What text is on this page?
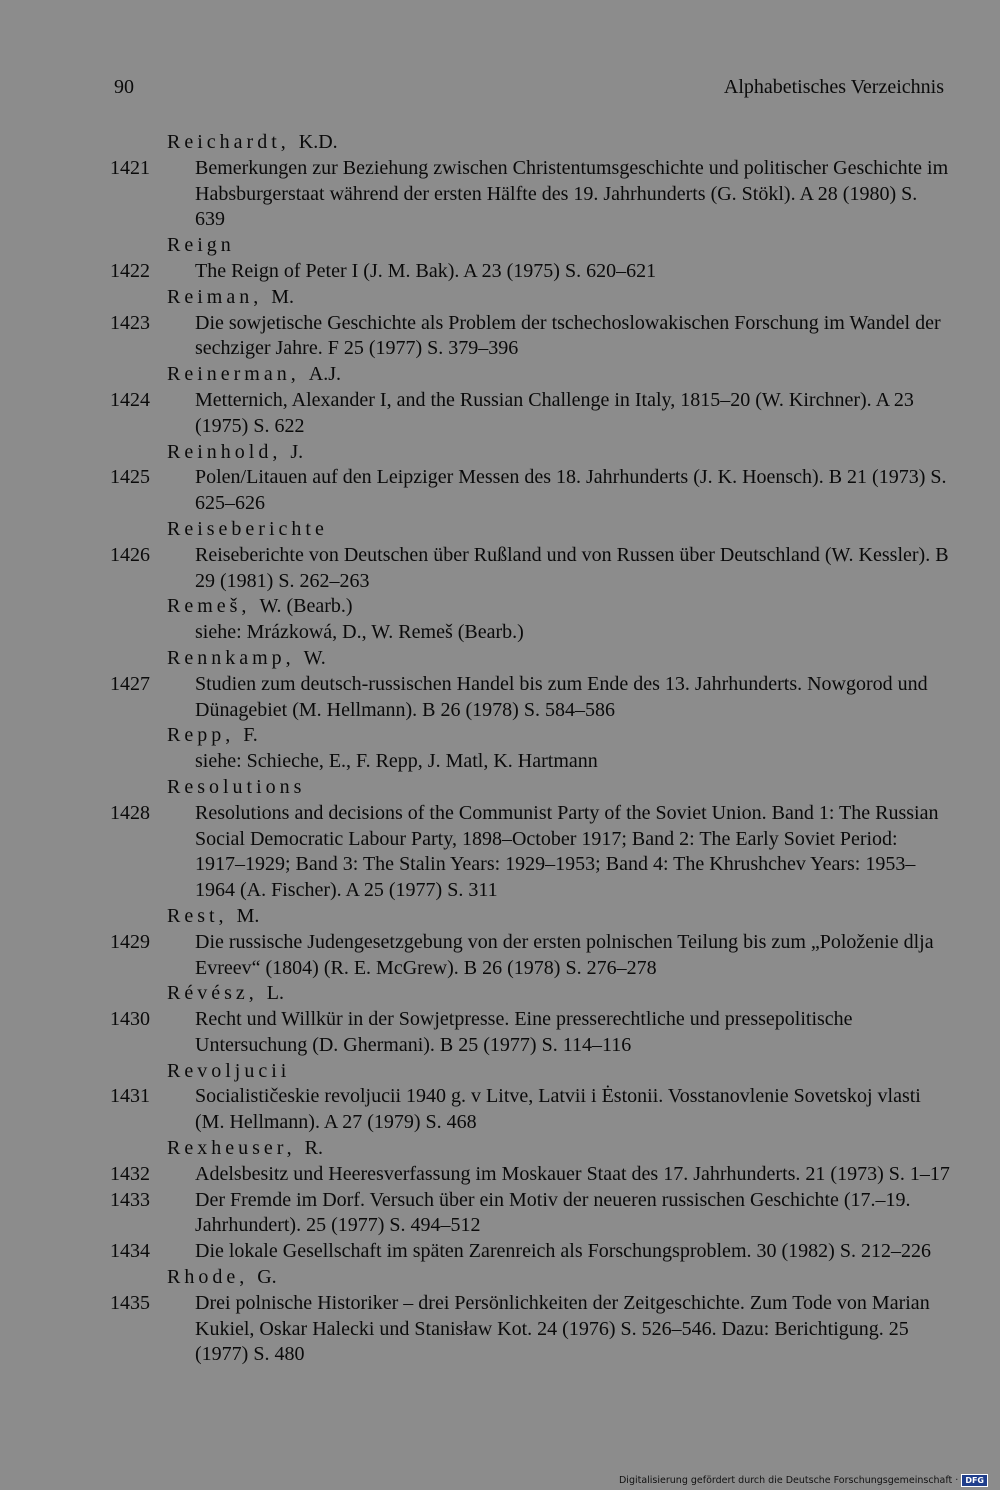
90	Alphabetisches Verzeichnis
Reichardt, K.D.
1421 Bemerkungen zur Beziehung zwischen Christentumsgeschichte und politischer Geschichte im Habsburgerstaat während der ersten Hälfte des 19. Jahrhunderts (G. Stökl). A 28 (1980) S. 639
Reign
1422 The Reign of Peter I (J. M. Bak). A 23 (1975) S. 620–621
Reiman, M.
1423 Die sowjetische Geschichte als Problem der tschechoslowakischen Forschung im Wandel der sechziger Jahre. F 25 (1977) S. 379–396
Reinerman, A.J.
1424 Metternich, Alexander I, and the Russian Challenge in Italy, 1815–20 (W. Kirchner). A 23 (1975) S. 622
Reinhold, J.
1425 Polen/Litauen auf den Leipziger Messen des 18. Jahrhunderts (J. K. Hoensch). B 21 (1973) S. 625–626
Reiseberichte
1426 Reiseberichte von Deutschen über Rußland und von Russen über Deutschland (W. Kessler). B 29 (1981) S. 262–263
Remeš, W. (Bearb.)
siehe: Mrázkowá, D., W. Remeš (Bearb.)
Rennkamp, W.
1427 Studien zum deutsch-russischen Handel bis zum Ende des 13. Jahrhunderts. Nowgorod und Dünagebiet (M. Hellmann). B 26 (1978) S. 584–586
Repp, F.
siehe: Schieche, E., F. Repp, J. Matl, K. Hartmann
Resolutions
1428 Resolutions and decisions of the Communist Party of the Soviet Union. Band 1: The Russian Social Democratic Labour Party, 1898–October 1917; Band 2: The Early Soviet Period: 1917–1929; Band 3: The Stalin Years: 1929–1953; Band 4: The Khrushchev Years: 1953–1964 (A. Fischer). A 25 (1977) S. 311
Rest, M.
1429 Die russische Judengesetzgebung von der ersten polnischen Teilung bis zum „Položenie dlja Evreev“ (1804) (R. E. McGrew). B 26 (1978) S. 276–278
Révész, L.
1430 Recht und Willkür in der Sowjetpresse. Eine presserechtliche und pressepolitische Untersuchung (D. Ghermani). B 25 (1977) S. 114–116
Revoljucii
1431 Socialističeskie revoljucii 1940 g. v Litve, Latvii i Ėstonii. Vosstanovlenie Sovetskoj vlasti (M. Hellmann). A 27 (1979) S. 468
Rexheuser, R.
1432 Adelsbesitz und Heeresverfassung im Moskauer Staat des 17. Jahrhunderts. 21 (1973) S. 1–17
1433 Der Fremde im Dorf. Versuch über ein Motiv der neueren russischen Geschichte (17.–19. Jahrhundert). 25 (1977) S. 494–512
1434 Die lokale Gesellschaft im späten Zarenreich als Forschungsproblem. 30 (1982) S. 212–226
Rhode, G.
1435 Drei polnische Historiker – drei Persönlichkeiten der Zeitgeschichte. Zum Tode von Marian Kukiel, Oskar Halecki und Stanisław Kot. 24 (1976) S. 526–546. Dazu: Berichtigung. 25 (1977) S. 480
Digitalisierung gefördert durch die Deutsche Forschungsgemeinschaft · DFG
